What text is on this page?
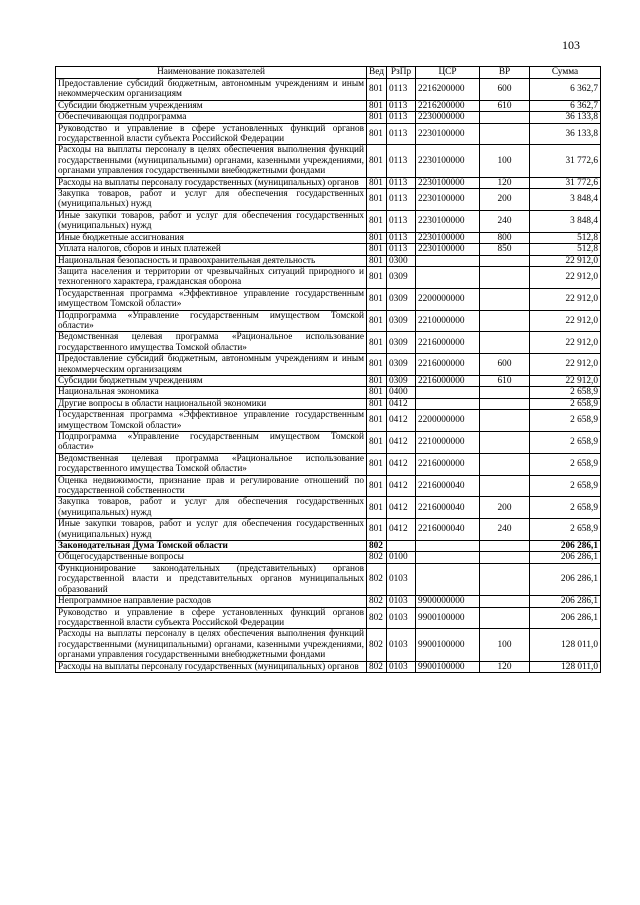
103
Наименование показателей	Вед	РзПр	ЦСР	ВР	Сумма
Предоставление субсидий бюджетным, автономным учреждениям и иным некоммерческим организациям	801	0113	2216200000	600	6 362,7
Субсидии бюджетным учреждениям	801	0113	2216200000	610	6 362,7
Обеспечивающая подпрограмма	801	0113	2230000000		36 133,8
Руководство и управление в сфере установленных функций органов государственной власти субъекта Российской Федерации	801	0113	2230100000		36 133,8
Расходы на выплаты персоналу в целях обеспечения выполнения функций государственными (муниципальными) органами, казенными учреждениями, органами управления государственными внебюджетными фондами	801	0113	2230100000	100	31 772,6
Расходы на выплаты персоналу государственных (муниципальных) органов	801	0113	2230100000	120	31 772,6
Закупка товаров, работ и услуг для обеспечения государственных (муниципальных) нужд	801	0113	2230100000	200	3 848,4
Иные закупки товаров, работ и услуг для обеспечения государственных (муниципальных) нужд	801	0113	2230100000	240	3 848,4
Иные бюджетные ассигнования	801	0113	2230100000	800	512,8
Уплата налогов, сборов и иных платежей	801	0113	2230100000	850	512,8
Национальная безопасность и правоохранительная деятельность	801	0300			22 912,0
Защита населения и территории от чрезвычайных ситуаций природного и техногенного характера, гражданская оборона	801	0309			22 912,0
Государственная программа «Эффективное управление государственным имуществом Томской области»	801	0309	2200000000		22 912,0
Подпрограмма «Управление государственным имуществом Томской области»	801	0309	2210000000		22 912,0
Ведомственная целевая программа «Рациональное использование государственного имущества Томской области»	801	0309	2216000000		22 912,0
Предоставление субсидий бюджетным, автономным учреждениям и иным некоммерческим организациям	801	0309	2216000000	600	22 912,0
Субсидии бюджетным учреждениям	801	0309	2216000000	610	22 912,0
Национальная экономика	801	0400			2 658,9
Другие вопросы в области национальной экономики	801	0412			2 658,9
Государственная программа «Эффективное управление государственным имуществом Томской области»	801	0412	2200000000		2 658,9
Подпрограмма «Управление государственным имуществом Томской области»	801	0412	2210000000		2 658,9
Ведомственная целевая программа «Рациональное использование государственного имущества Томской области»	801	0412	2216000000		2 658,9
Оценка недвижимости, признание прав и регулирование отношений по государственной собственности	801	0412	2216000040		2 658,9
Закупка товаров, работ и услуг для обеспечения государственных (муниципальных) нужд	801	0412	2216000040	200	2 658,9
Иные закупки товаров, работ и услуг для обеспечения государственных (муниципальных) нужд	801	0412	2216000040	240	2 658,9
Законодательная Дума Томской области	802				206 286,1
Общегосударственные вопросы	802	0100			206 286,1
Функционирование законодательных (представительных) органов государственной власти и представительных органов муниципальных образований	802	0103			206 286,1
Непрограммное направление расходов	802	0103	9900000000		206 286,1
Руководство и управление в сфере установленных функций органов государственной власти субъекта Российской Федерации	802	0103	9900100000		206 286,1
Расходы на выплаты персоналу в целях обеспечения выполнения функций государственными (муниципальными) органами, казенными учреждениями, органами управления государственными внебюджетными фондами	802	0103	9900100000	100	128 011,0
Расходы на выплаты персоналу государственных (муниципальных) органов	802	0103	9900100000	120	128 011,0
